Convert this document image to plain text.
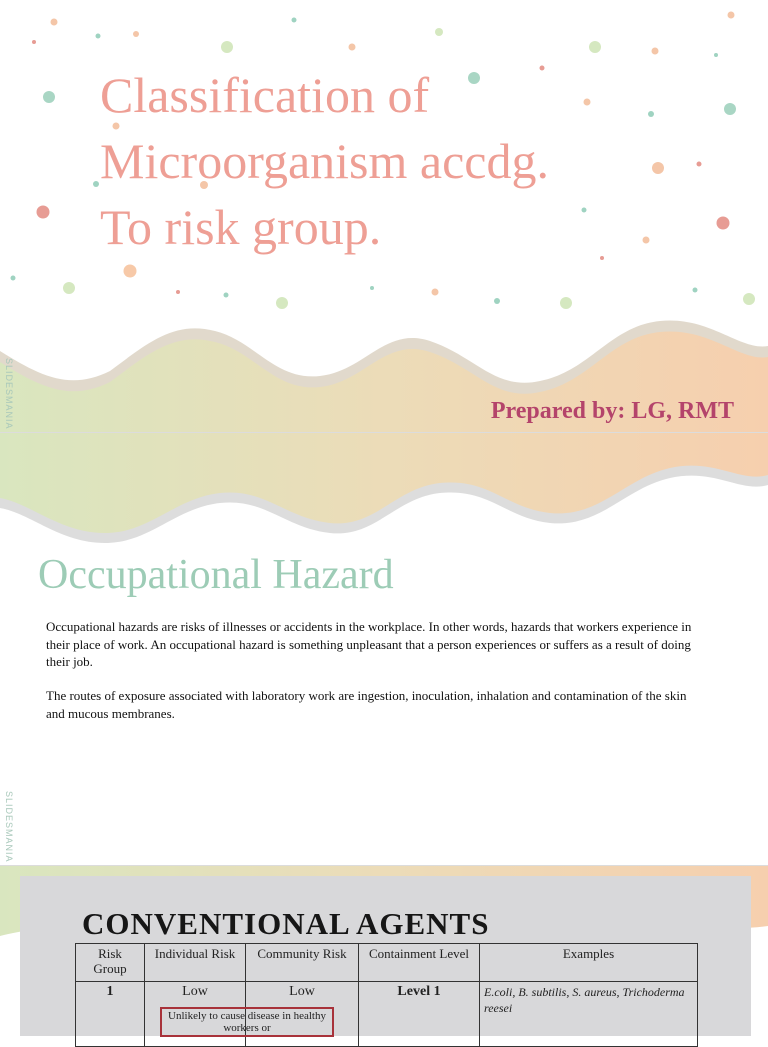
Classification of
Microorganism accdg.
To risk group.
Prepared by: LG, RMT
SLIDESMANIA
Occupational Hazard

Occupational hazards are risks of illnesses or accidents in the workplace. In other words, hazards that workers experience in their place of work. An occupational hazard is something unpleasant that a person experiences or suffers as a result of doing their job.

The routes of exposure associated with laboratory work are ingestion, inoculation, inhalation and contamination of the skin and mucous membranes.

SLIDESMANIA
CONVENTIONAL AGENTS
Risk Group	Individual Risk	Community Risk	Containment Level	Examples
1	Low	Low	Level 1	E.coli, B. subtilis, S. aureus, Trichoderma reesei
Unlikely to cause disease in healthy workers or
